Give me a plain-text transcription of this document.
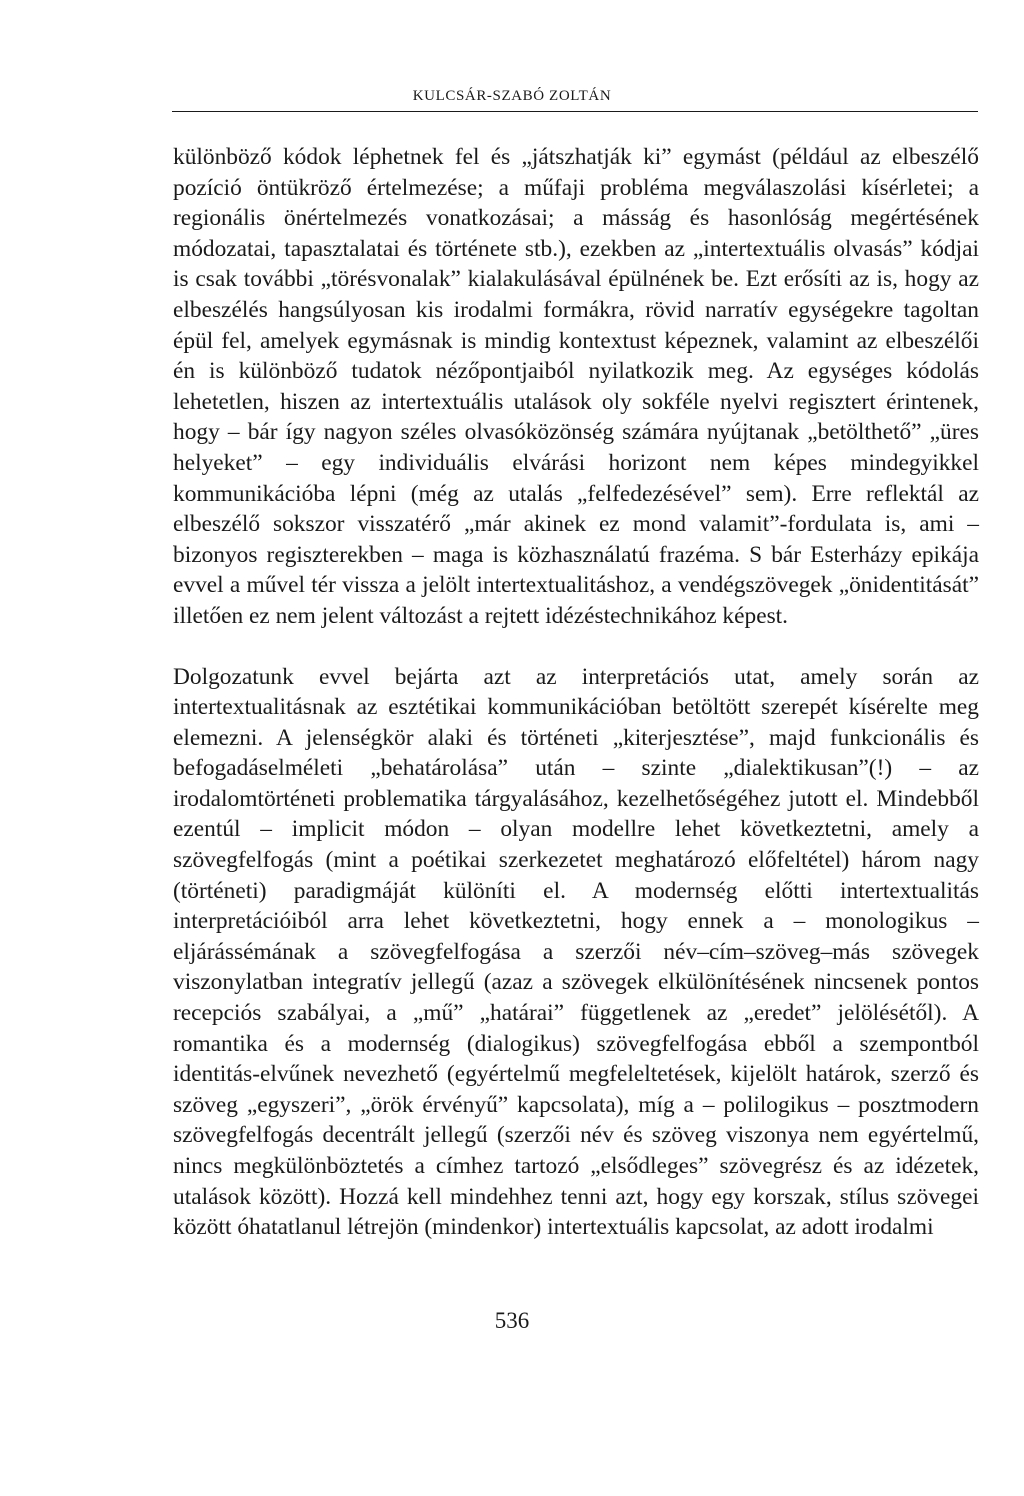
KULCSÁR-SZABÓ ZOLTÁN

különböző kódok léphetnek fel és „játszhatják ki” egymást (például az elbeszélő pozíció öntükröző értelmezése; a műfaji probléma megválaszolási kísérletei; a regionális önértelmezés vonatkozásai; a másság és hasonlóság megértésének módozatai, tapasztalatai és története stb.), ezekben az „intertextuális olvasás” kódjai is csak további „törésvonalak” kialakulásával épülnének be. Ezt erősíti az is, hogy az elbeszélés hangsúlyosan kis irodalmi formákra, rövid narratív egységekre tagoltan épül fel, amelyek egymásnak is mindig kontextust képeznek, valamint az elbeszélői én is különböző tudatok nézőpontjaiból nyilatkozik meg. Az egységes kódolás lehetetlen, hiszen az intertextuális utalások oly sokféle nyelvi regisztert érintenek, hogy – bár így nagyon széles olvasóközönség számára nyújtanak „betölthető” „üres helyeket” – egy individuális elvárási horizont nem képes mindegyikkel kommunikációba lépni (még az utalás „felfedezésével” sem). Erre reflektál az elbeszélő sokszor visszatérő „már akinek ez mond valamit”-fordulata is, ami – bizonyos regiszterekben – maga is közhasználatú frazéma. S bár Esterházy epikája evvel a művel tér vissza a jelölt intertextualitáshoz, a vendégszövegek „önidentitását” illetően ez nem jelent változást a rejtett idézéstechnikához képest.

Dolgozatunk evvel bejárta azt az interpretációs utat, amely során az intertextualitásnak az esztétikai kommunikációban betöltött szerepét kísérelte meg elemezni. A jelenségkör alaki és történeti „kiterjesztése”, majd funkcionális és befogadáselméleti „behatárolása” után – szinte „dialektikusan”(!) – az irodalomtörténeti problematika tárgyalásához, kezelhetőségéhez jutott el. Mindebből ezentúl – implicit módon – olyan modellre lehet következtetni, amely a szövegfelfogás (mint a poétikai szerkezetet meghatározó előfeltétel) három nagy (történeti) paradigmáját különíti el. A modernség előtti intertextualitás interpretációiból arra lehet következtetni, hogy ennek a – monologikus – eljárássémának a szövegfelfogása a szerzői név–cím–szöveg–más szövegek viszonylatban integratív jellegű (azaz a szövegek elkülönítésének nincsenek pontos recepciós szabályai, a „mű” „határai” függetlenek az „eredet” jelölésétől). A romantika és a modernség (dialogikus) szövegfelfogása ebből a szempontból identitás-elvűnek nevezhető (egyértelmű megfeleltetések, kijelölt határok, szerző és szöveg „egyszeri”, „örök érvényű” kapcsolata), míg a – polilogikus – posztmodern szövegfelfogás decentrált jellegű (szerzői név és szöveg viszonya nem egyértelmű, nincs megkülönböztetés a címhez tartozó „elsődleges” szövegrész és az idézetek, utalások között). Hozzá kell mindehhez tenni azt, hogy egy korszak, stílus szövegei között óhatatlanul létrejön (mindenkor) intertextuális kapcsolat, az adott irodalmi

536
